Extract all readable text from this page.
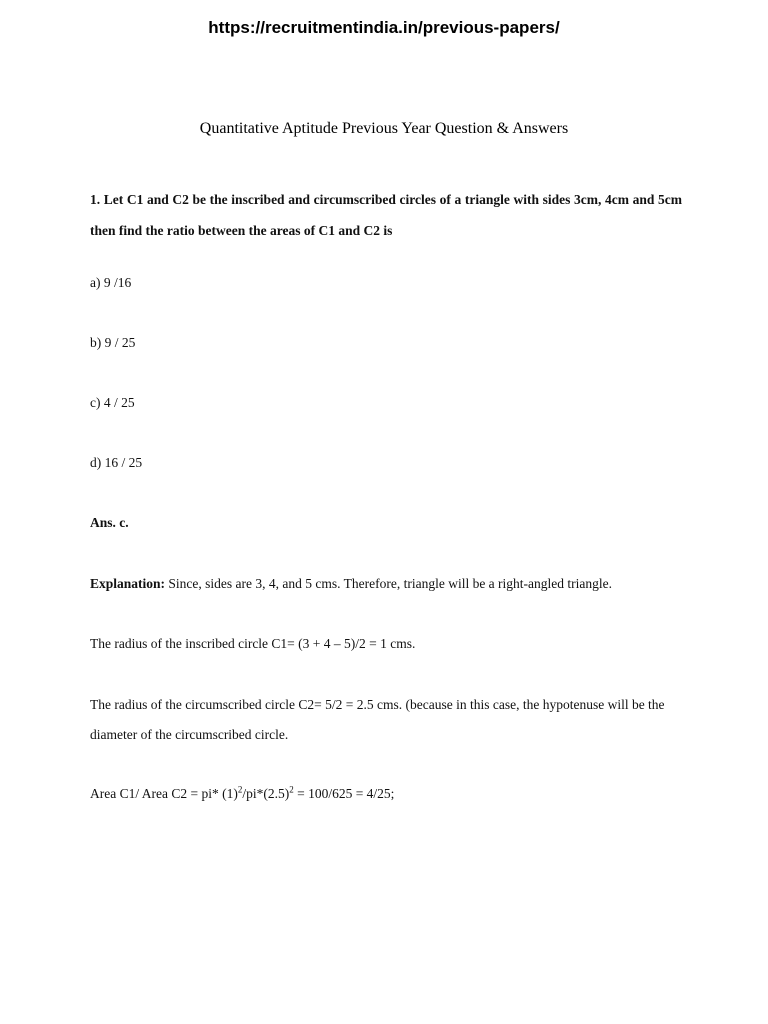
https://recruitmentindia.in/previous-papers/
Quantitative Aptitude Previous Year Question & Answers
1. Let C1 and C2 be the inscribed and circumscribed circles of a triangle with sides 3cm, 4cm and 5cm then find the ratio between the areas of C1 and C2 is
a) 9 /16
b) 9 / 25
c) 4 / 25
d) 16 / 25
Ans. c.
Explanation: Since, sides are 3, 4, and 5 cms. Therefore, triangle will be a right-angled triangle.
The radius of the inscribed circle C1= (3 + 4 – 5)/2 = 1 cms.
The radius of the circumscribed circle C2= 5/2 = 2.5 cms. (because in this case, the hypotenuse will be the diameter of the circumscribed circle.
Area C1/ Area C2 = pi* $(1)^2/pi*(2.5)^2 = 100/625 = 4/25$;
